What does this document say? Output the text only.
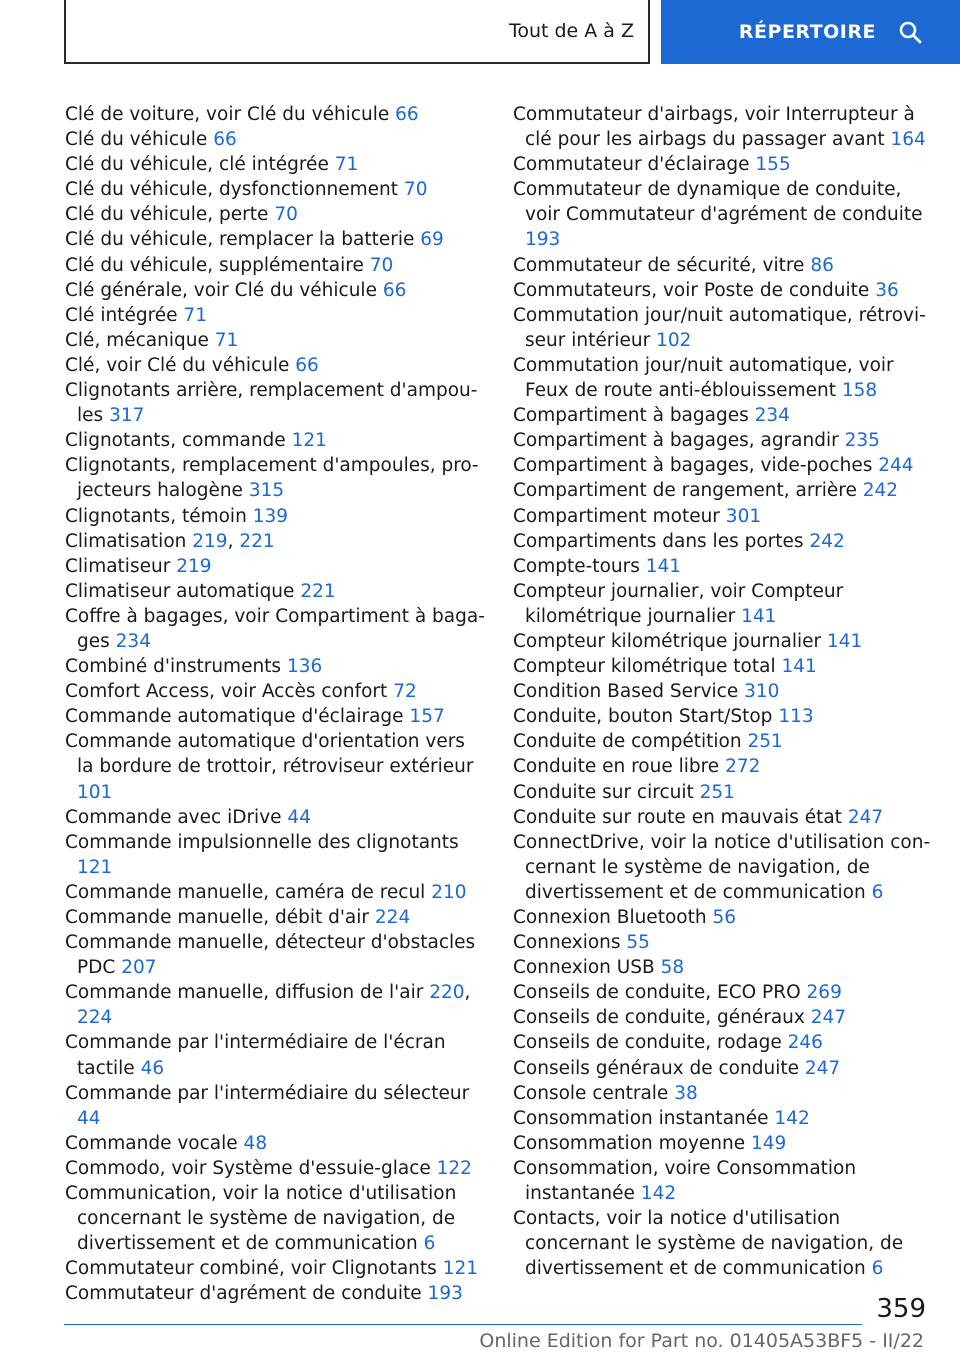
Tout de A à Z	RÉPERTOIRE

Clé de voiture, voir Clé du véhicule 66

Clé du véhicule 66

Clé du véhicule, clé intégrée 71

Clé du véhicule, dysfonctionnement 70

Clé du véhicule, perte 70

Clé du véhicule, remplacer la batterie 69

Clé du véhicule, supplémentaire 70

Clé générale, voir Clé du véhicule 66

Clé intégrée 71

Clé, mécanique 71

Clé, voir Clé du véhicule 66

Clignotants arrière, remplacement d'ampoules 317

Clignotants, commande 121

Clignotants, remplacement d'ampoules, projecteurs halogène 315

Clignotants, témoin 139

Climatisation 219, 221

Climatiseur 219

Climatiseur automatique 221

Coffre à bagages, voir Compartiment à bagages 234

Combiné d'instruments 136

Comfort Access, voir Accès confort 72

Commande automatique d'éclairage 157

Commande automatique d'orientation vers la bordure de trottoir, rétroviseur extérieur 101

Commande avec iDrive 44

Commande impulsionnelle des clignotants 121

Commande manuelle, caméra de recul 210

Commande manuelle, débit d'air 224

Commande manuelle, détecteur d'obstacles PDC 207

Commande manuelle, diffusion de l'air 220, 224

Commande par l'intermédiaire de l'écran tactile 46

Commande par l'intermédiaire du sélecteur 44

Commande vocale 48

Commodo, voir Système d'essuie-glace 122

Communication, voir la notice d'utilisation concernant le système de navigation, de divertissement et de communication 6

Commutateur combiné, voir Clignotants 121

Commutateur d'agrément de conduite 193

Commutateur d'airbags, voir Interrupteur à clé pour les airbags du passager avant 164

Commutateur d'éclairage 155

Commutateur de dynamique de conduite, voir Commutateur d'agrément de conduite 193

Commutateur de sécurité, vitre 86

Commutateurs, voir Poste de conduite 36

Commutation jour/nuit automatique, rétroviseur intérieur 102

Commutation jour/nuit automatique, voir Feux de route anti-éblouissement 158

Compartiment à bagages 234

Compartiment à bagages, agrandir 235

Compartiment à bagages, vide-poches 244

Compartiment de rangement, arrière 242

Compartiment moteur 301

Compartiments dans les portes 242

Compte-tours 141

Compteur journalier, voir Compteur kilométrique journalier 141

Compteur kilométrique journalier 141

Compteur kilométrique total 141

Condition Based Service 310

Conduite, bouton Start/Stop 113

Conduite de compétition 251

Conduite en roue libre 272

Conduite sur circuit 251

Conduite sur route en mauvais état 247

ConnectDrive, voir la notice d'utilisation concernant le système de navigation, de divertissement et de communication 6

Connexion Bluetooth 56

Connexions 55

Connexion USB 58

Conseils de conduite, ECO PRO 269

Conseils de conduite, généraux 247

Conseils de conduite, rodage 246

Conseils généraux de conduite 247

Console centrale 38

Consommation instantanée 142

Consommation moyenne 149

Consommation, voire Consommation instantanée 142

Contacts, voir la notice d'utilisation concernant le système de navigation, de divertissement et de communication 6

359
Online Edition for Part no. 01405A53BF5 - II/22
